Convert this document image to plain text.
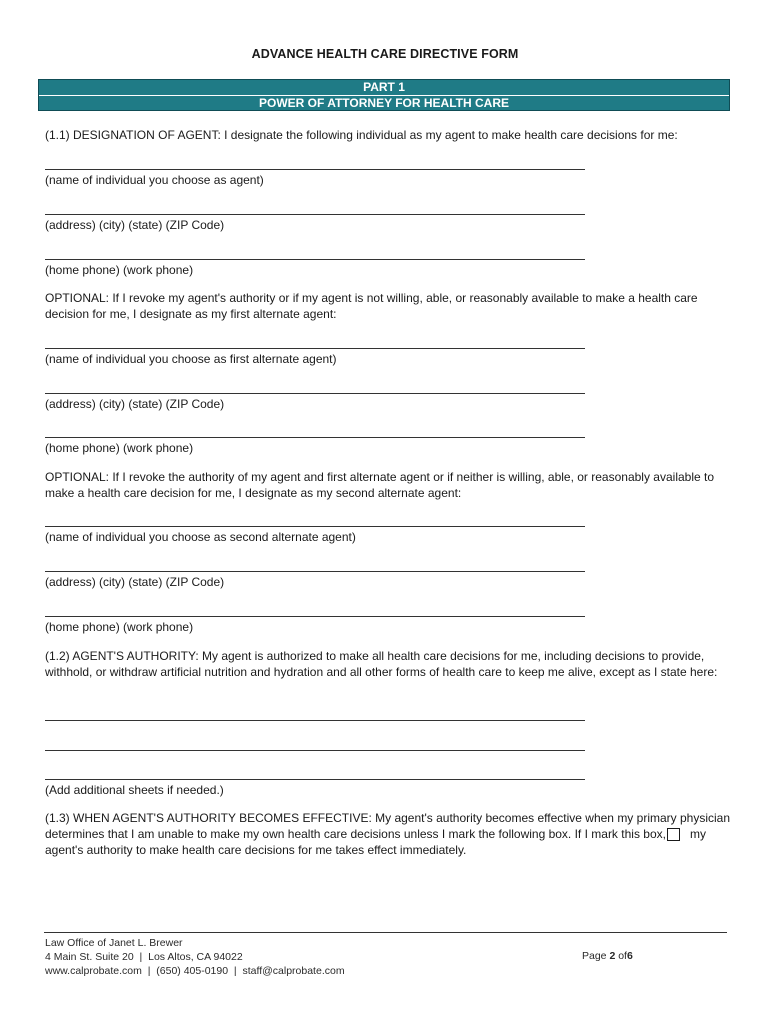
ADVANCE HEALTH CARE DIRECTIVE FORM
PART 1
POWER OF ATTORNEY FOR HEALTH CARE
(1.1) DESIGNATION OF AGENT: I designate the following individual as my agent to make health care decisions for me:
(name of individual you choose as agent)
(address) (city) (state) (ZIP Code)
(home phone) (work phone)
OPTIONAL: If I revoke my agent's authority or if my agent is not willing, able, or reasonably available to make a health care decision for me, I designate as my first alternate agent:
(name of individual you choose as first alternate agent)
(address) (city) (state) (ZIP Code)
(home phone) (work phone)
OPTIONAL: If I revoke the authority of my agent and first alternate agent or if neither is willing, able, or reasonably available to make a health care decision for me, I designate as my second alternate agent:
(name of individual you choose as second alternate agent)
(address) (city) (state) (ZIP Code)
(home phone) (work phone)
(1.2) AGENT'S AUTHORITY: My agent is authorized to make all health care decisions for me, including decisions to provide, withhold, or withdraw artificial nutrition and hydration and all other forms of health care to keep me alive, except as I state here:
(Add additional sheets if needed.)
(1.3) WHEN AGENT'S AUTHORITY BECOMES EFFECTIVE: My agent's authority becomes effective when my primary physician determines that I am unable to make my own health care decisions unless I mark the following box. If I mark this box, my agent's authority to make health care decisions for me takes effect immediately.
Law Office of Janet L. Brewer
4 Main St. Suite 20  |  Los Altos, CA 94022
www.calprobate.com  |  (650) 405-0190  |  staff@calprobate.com
Page 2 of6
